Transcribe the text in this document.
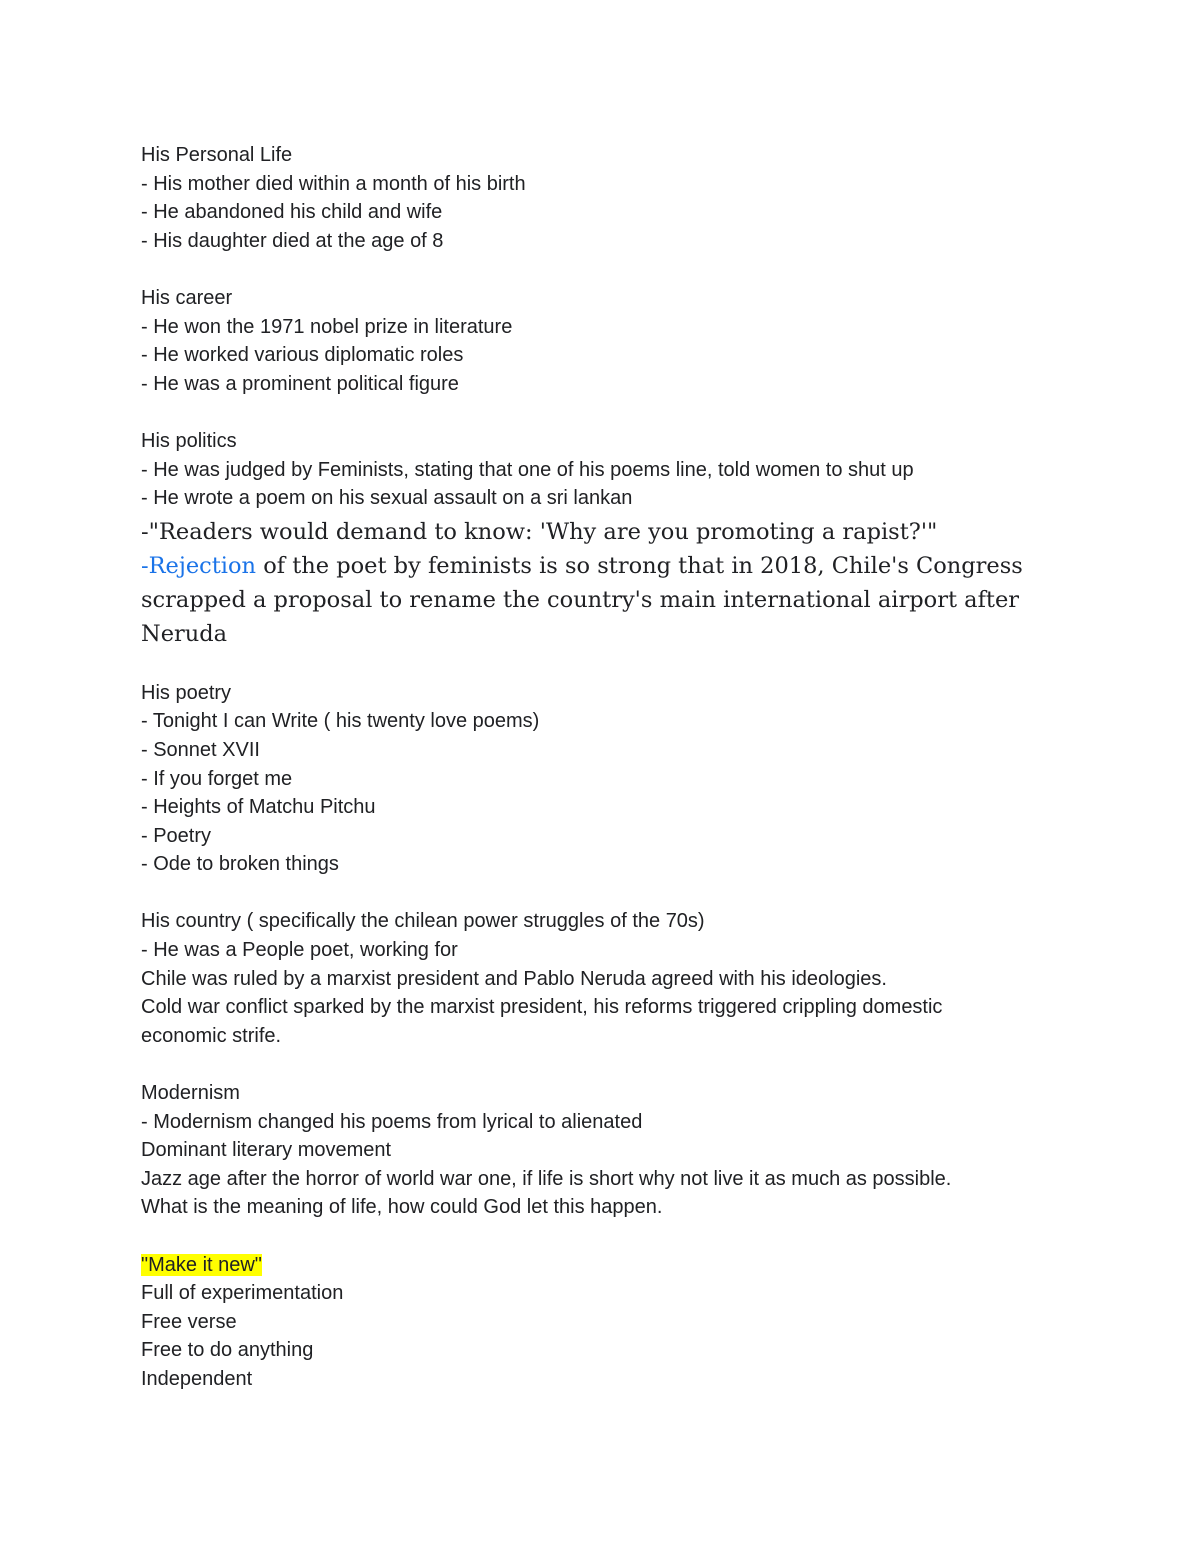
His Personal Life
- His mother died within a month of his birth
- He abandoned his child and wife
- His daughter died at the age of 8
His career
- He won the 1971 nobel prize in literature
- He worked various diplomatic roles
- He was a prominent political figure
His politics
- He was judged by Feminists, stating that one of his poems line, told women to shut up
- He wrote a poem on his sexual assault on a sri lankan
-"Readers would demand to know: 'Why are you promoting a rapist?'"
-Rejection of the poet by feminists is so strong that in 2018, Chile's Congress scrapped a proposal to rename the country's main international airport after Neruda
His poetry
- Tonight I can Write ( his twenty love poems)
- Sonnet XVII
- If you forget me
- Heights of Matchu Pitchu
- Poetry
- Ode to broken things
His country ( specifically the chilean power struggles of the 70s)
- He was a People poet, working for
Chile was ruled by a marxist president and Pablo Neruda agreed with his ideologies.
Cold war conflict sparked by the marxist president, his reforms triggered crippling domestic
economic strife.
Modernism
- Modernism changed his poems from lyrical to alienated
Dominant literary movement
Jazz age after the horror of world war one, if life is short why not live it as much as possible.
What is the meaning of life, how could God let this happen.
"Make it new"
Full of experimentation
Free verse
Free to do anything
Independent
